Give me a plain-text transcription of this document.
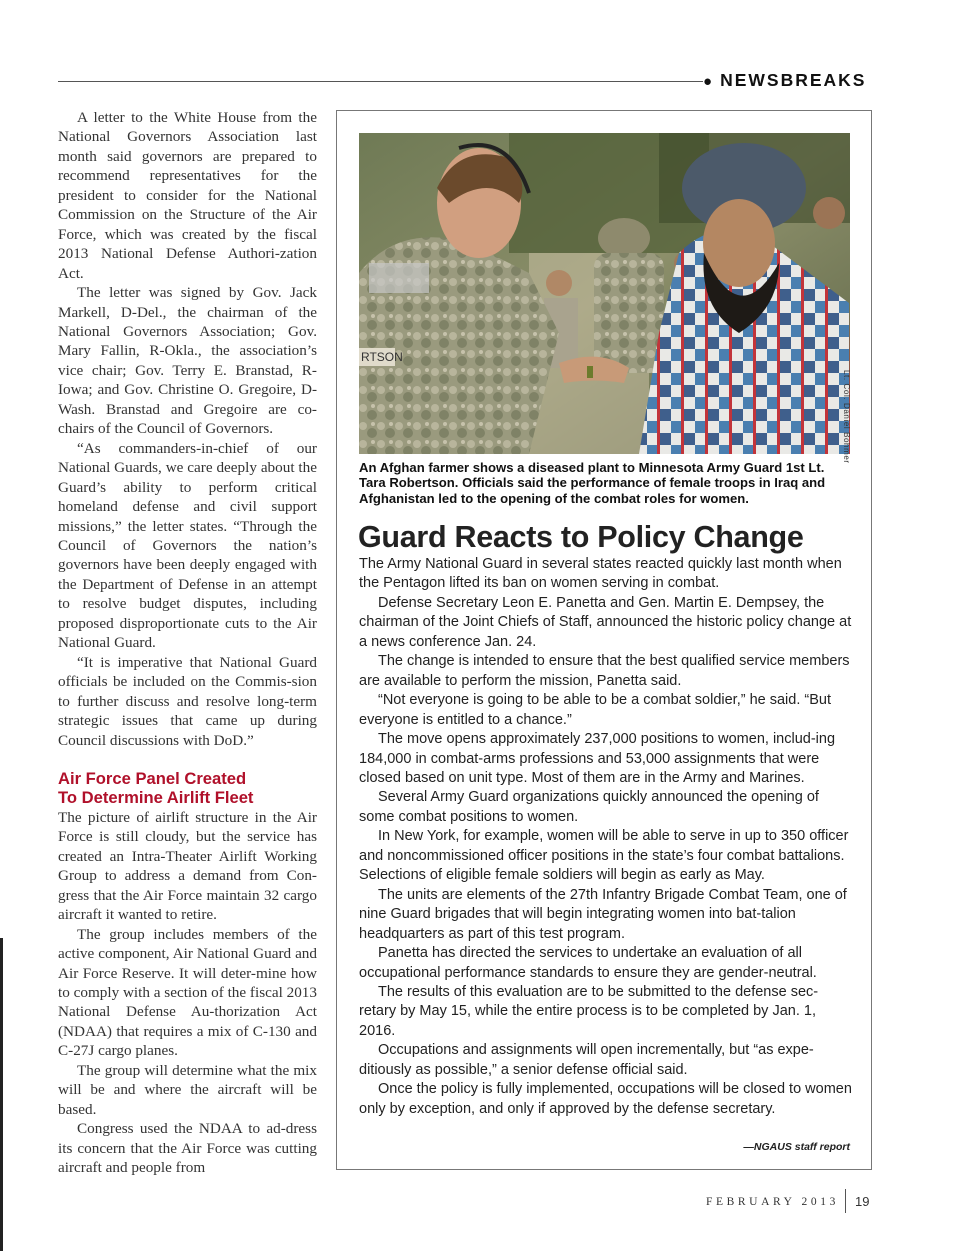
● NEWSBREAKS

A letter to the White House from the National Governors Association last month said governors are prepared to recommend representatives for the president to consider for the National Commission on the Structure of the Air Force, which was created by the fiscal 2013 National Defense Authori-zation Act.

The letter was signed by Gov. Jack Markell, D-Del., the chairman of the National Governors Association; Gov. Mary Fallin, R-Okla., the association’s vice chair; Gov. Terry E. Branstad, R-Iowa; and Gov. Christine O. Gregoire, D-Wash. Branstad and Gregoire are co-chairs of the Council of Governors.

“As commanders-in-chief of our National Guards, we care deeply about the Guard’s ability to perform critical homeland defense and civil support missions,” the letter states. “Through the Council of Governors the nation’s governors have been deeply engaged with the Department of Defense in an attempt to resolve budget disputes, including proposed disproportionate cuts to the Air National Guard.

“It is imperative that National Guard officials be included on the Commis-sion to further discuss and resolve long-term strategic issues that came up during Council discussions with DoD.”

Air Force Panel Created
To Determine Airlift Fleet

The picture of airlift structure in the Air Force is still cloudy, but the service has created an Intra-Theater Airlift Working Group to address a demand from Con-gress that the Air Force maintain 32 cargo aircraft it wanted to retire.

The group includes members of the active component, Air National Guard and Air Force Reserve. It will deter-mine how to comply with a section of the fiscal 2013 National Defense Au-thorization Act (NDAA) that requires a mix of C-130 and C-27J cargo planes.

The group will determine what the mix will be and where the aircraft will be based.

Congress used the NDAA to ad-dress its concern that the Air Force was cutting aircraft and people from

RTSON
Lt. Col. Daniel Bohmer
An Afghan farmer shows a diseased plant to Minnesota Army Guard 1st Lt. Tara Robertson. Officials said the performance of female troops in Iraq and Afghanistan led to the opening of the combat roles for women.
Guard Reacts to Policy Change

The Army National Guard in several states reacted quickly last month when the Pentagon lifted its ban on women serving in combat.

Defense Secretary Leon E. Panetta and Gen. Martin E. Dempsey, the chairman of the Joint Chiefs of Staff, announced the historic policy change at a news conference Jan. 24.

The change is intended to ensure that the best qualified service members are available to perform the mission, Panetta said.

“Not everyone is going to be able to be a combat soldier,” he said. “But everyone is entitled to a chance.”

The move opens approximately 237,000 positions to women, includ-ing 184,000 in combat-arms professions and 53,000 assignments that were closed based on unit type. Most of them are in the Army and Marines.

Several Army Guard organizations quickly announced the opening of some combat positions to women.

In New York, for example, women will be able to serve in up to 350 officer and noncommissioned officer positions in the state’s four combat battalions. Selections of eligible female soldiers will begin as early as May.

The units are elements of the 27th Infantry Brigade Combat Team, one of nine Guard brigades that will begin integrating women into bat-talion headquarters as part of this test program.

Panetta has directed the services to undertake an evaluation of all occupational performance standards to ensure they are gender-neutral.

The results of this evaluation are to be submitted to the defense sec-retary by May 15, while the entire process is to be completed by Jan. 1, 2016.

Occupations and assignments will open incrementally, but “as expe-ditiously as possible,” a senior defense official said.

Once the policy is fully implemented, occupations will be closed to women only by exception, and only if approved by the defense secretary.

—NGAUS staff report
FEBRUARY 2013 19
